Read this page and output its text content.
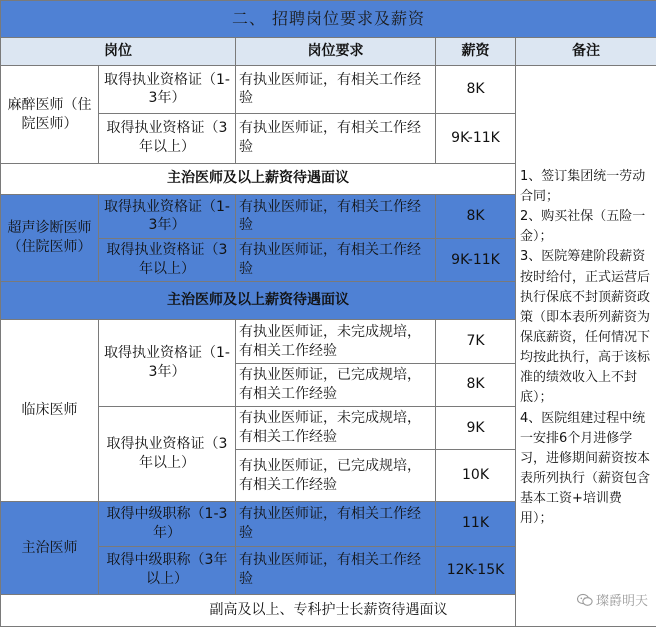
二、 招聘岗位要求及薪资				
岗位		岗位要求	薪资	备注
麻醉医师（住院医师）	取得执业资格证（1-3年）	有执业医师证，有相关工作经验	8K	1、签订集团统一劳动合同；
2、购买社保（五险一金）；
3、医院筹建阶段薪资按时给付，正式运营后执行保底不封顶薪资政策（即本表所列薪资为保底薪资，任何情况下均按此执行，高于该标准的绩效收入上不封底）；
4、医院组建过程中统一安排6个月进修学习，进修期间薪资按本表所列执行（薪资包含基本工资+培训费用）；

	取得执业资格证（3年以上）	有执业医师证，有相关工作经验	9K-11K	
主治医师及以上薪资待遇面议				
超声诊断医师（住院医师）	取得执业资格证（1-3年）	有执业医师证，有相关工作经验	8K	
	取得执业资格证（3年以上）	有执业医师证，有相关工作经验	9K-11K	
主治医师及以上薪资待遇面议				
临床医师	取得执业资格证（1-3年）	有执业医师证，未完成规培，有相关工作经验	7K	
		有执业医师证，已完成规培，有相关工作经验	8K	
	取得执业资格证（3年以上）	有执业医师证，未完成规培，有相关工作经验	9K	
		有执业医师证，已完成规培，有相关工作经验	10K	
主治医师	取得中级职称（1-3年）	有执业医师证，有相关工作经验	11K	
	取得中级职称（3年以上）	有执业医师证，有相关工作经验	12K-15K	
副高及以上、专科护士长薪资待遇面议				
璨爵明天
